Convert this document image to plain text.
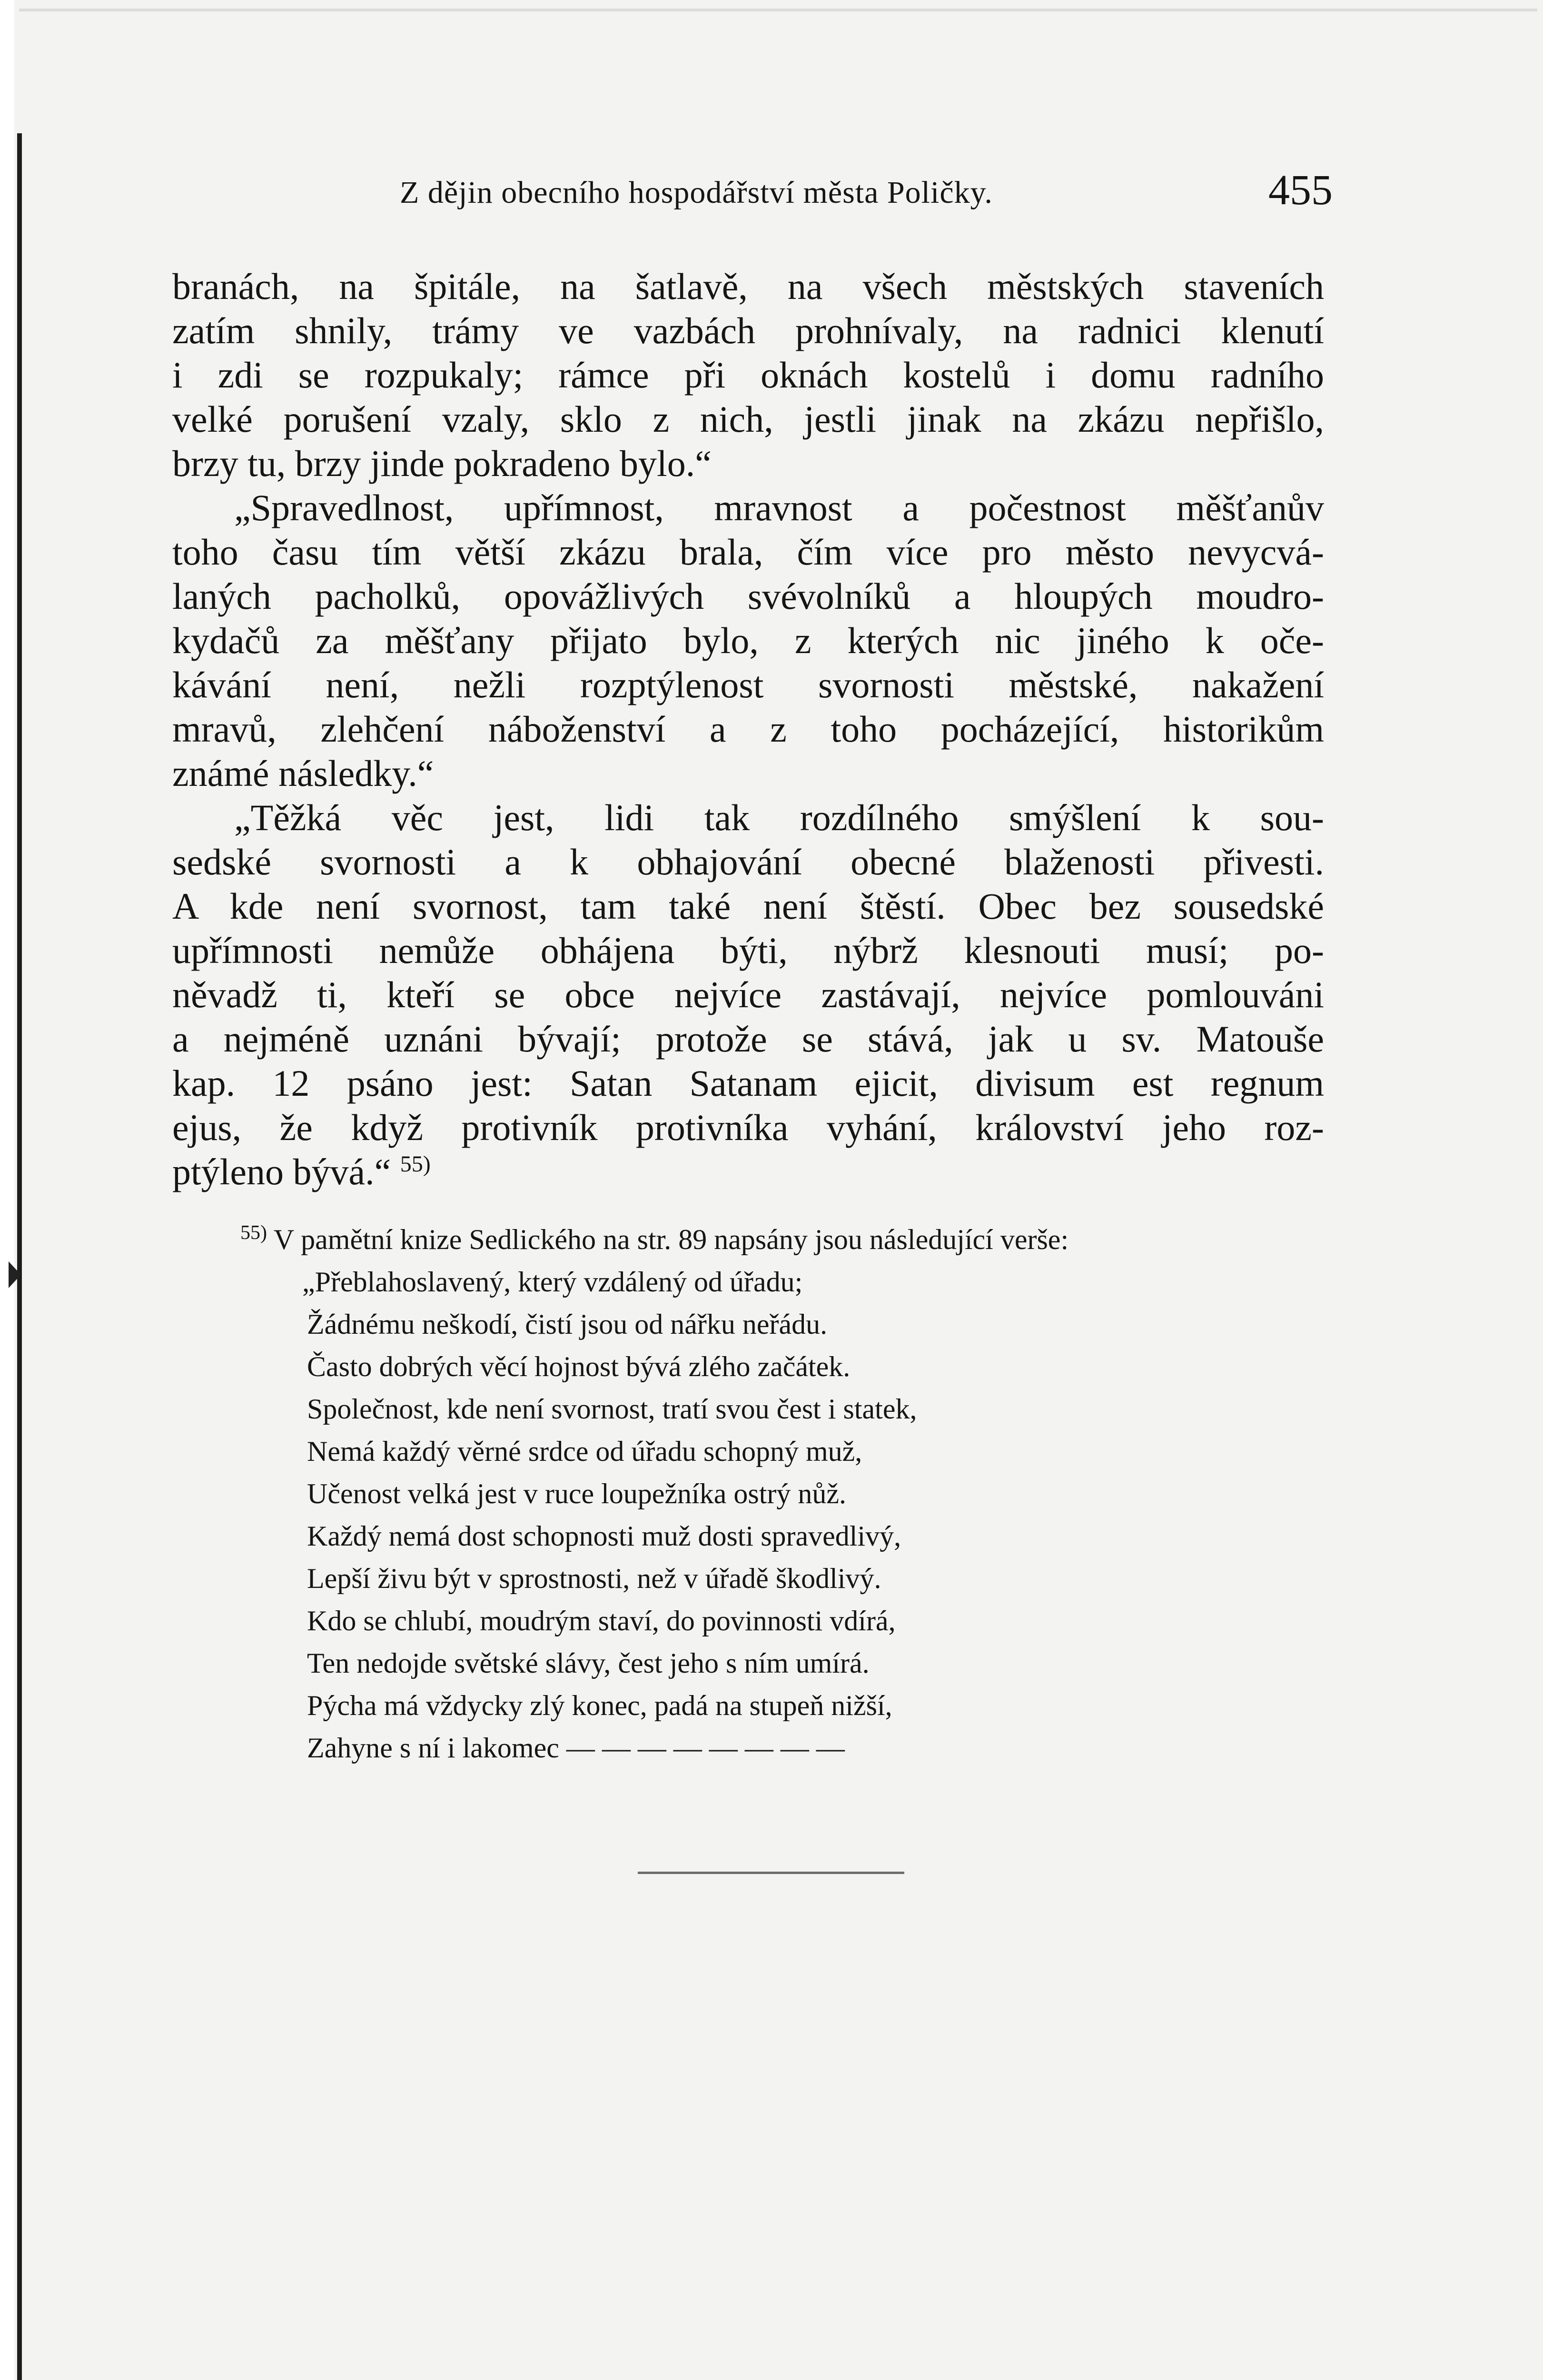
Z dějin obecního hospodářství města Poličky.	455
branách, na špitále, na šatlavě, na všech městských staveních
zatím shnily, trámy ve vazbách prohnívaly, na radnici klenutí
i zdi se rozpukaly; rámce při oknách kostelů i domu radního
velké porušení vzaly, sklo z nich, jestli jinak na zkázu nepřišlo,
brzy tu, brzy jinde pokradeno bylo.“
„Spravedlnost, upřímnost, mravnost a počestnost měšťanův
toho času tím větší zkázu brala, čím více pro město nevycvá-
laných pacholků, opovážlivých svévolníků a hloupých moudro-
kydačů za měšťany přijato bylo, z kterých nic jiného k oče-
kávání není, nežli rozptýlenost svornosti městské, nakažení
mravů, zlehčení náboženství a z toho pocházející, historikům
známé následky.“
„Těžká věc jest, lidi tak rozdílného smýšlení k sou-
sedské svornosti a k obhajování obecné blaženosti přivesti.
A kde není svornost, tam také není štěstí. Obec bez sousedské
upřímnosti nemůže obhájena býti, nýbrž klesnouti musí; po-
něvadž ti, kteří se obce nejvíce zastávají, nejvíce pomlouváni
a nejméně uznáni bývají; protože se stává, jak u sv. Matouše
kap. 12 psáno jest: Satan Satanam ejicit, divisum est regnum
ejus, že když protivník protivníka vyhání, království jeho roz-
ptýleno bývá.“ $^{55)}$
$^{55)}$ V pamětní knize Sedlického na str. 89 napsány jsou následující verše:
„Přeblahoslavený, který vzdálený od úřadu;
Žádnému neškodí, čistí jsou od nářku neřádu.
Často dobrých věcí hojnost bývá zlého začátek.
Společnost, kde není svornost, tratí svou čest i statek,
Nemá každý věrné srdce od úřadu schopný muž,
Učenost velká jest v ruce loupežníka ostrý nůž.
Každý nemá dost schopnosti muž dosti spravedlivý,
Lepší živu být v sprostnosti, než v úřadě škodlivý.
Kdo se chlubí, moudrým staví, do povinnosti vdírá,
Ten nedojde světské slávy, čest jeho s ním umírá.
Pýcha má vždycky zlý konec, padá na stupeň nižší,
Zahyne s ní i lakomec — — — — — — — —
